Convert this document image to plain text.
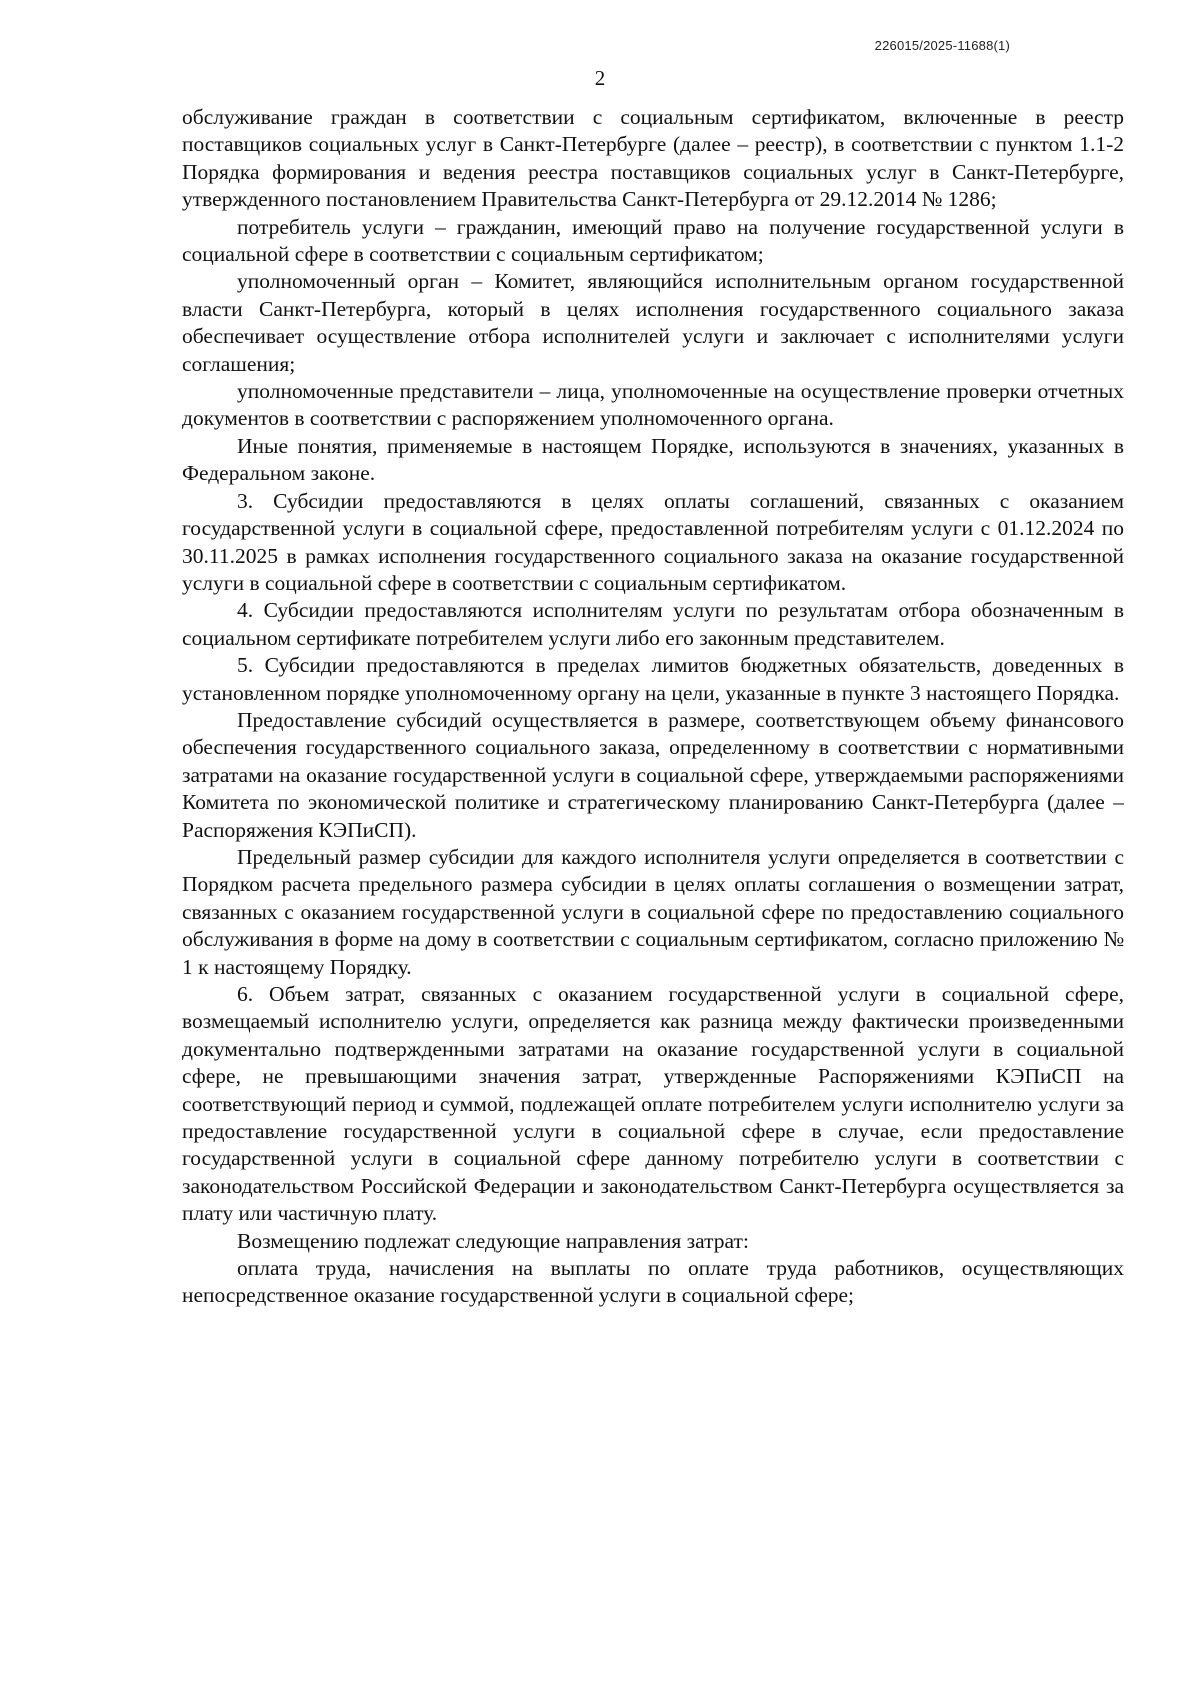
226015/2025-11688(1)
2

обслуживание граждан в соответствии с социальным сертификатом, включенные в реестр поставщиков социальных услуг в Санкт-Петербурге (далее – реестр), в соответствии с пунктом 1.1-2 Порядка формирования и ведения реестра поставщиков социальных услуг в Санкт-Петербурге, утвержденного постановлением Правительства Санкт-Петербурга от 29.12.2014 № 1286;

потребитель услуги – гражданин, имеющий право на получение государственной услуги в социальной сфере в соответствии с социальным сертификатом;

уполномоченный орган – Комитет, являющийся исполнительным органом государственной власти Санкт-Петербурга, который в целях исполнения государственного социального заказа обеспечивает осуществление отбора исполнителей услуги и заключает с исполнителями услуги соглашения;

уполномоченные представители – лица, уполномоченные на осуществление проверки отчетных документов в соответствии с распоряжением уполномоченного органа.

Иные понятия, применяемые в настоящем Порядке, используются в значениях, указанных в Федеральном законе.

3. Субсидии предоставляются в целях оплаты соглашений, связанных с оказанием государственной услуги в социальной сфере, предоставленной потребителям услуги с 01.12.2024 по 30.11.2025 в рамках исполнения государственного социального заказа на оказание государственной услуги в социальной сфере в соответствии с социальным сертификатом.

4. Субсидии предоставляются исполнителям услуги по результатам отбора обозначенным в социальном сертификате потребителем услуги либо его законным представителем.

5. Субсидии предоставляются в пределах лимитов бюджетных обязательств, доведенных в установленном порядке уполномоченному органу на цели, указанные в пункте 3 настоящего Порядка.

Предоставление субсидий осуществляется в размере, соответствующем объему финансового обеспечения государственного социального заказа, определенному в соответствии с нормативными затратами на оказание государственной услуги в социальной сфере, утверждаемыми распоряжениями Комитета по экономической политике и стратегическому планированию Санкт-Петербурга (далее – Распоряжения КЭПиСП).

Предельный размер субсидии для каждого исполнителя услуги определяется в соответствии с Порядком расчета предельного размера субсидии в целях оплаты соглашения о возмещении затрат, связанных с оказанием государственной услуги в социальной сфере по предоставлению социального обслуживания в форме на дому в соответствии с социальным сертификатом, согласно приложению № 1 к настоящему Порядку.

6. Объем затрат, связанных с оказанием государственной услуги в социальной сфере, возмещаемый исполнителю услуги, определяется как разница между фактически произведенными документально подтвержденными затратами на оказание государственной услуги в социальной сфере, не превышающими значения затрат, утвержденные Распоряжениями КЭПиСП на соответствующий период и суммой, подлежащей оплате потребителем услуги исполнителю услуги за предоставление государственной услуги в социальной сфере в случае, если предоставление государственной услуги в социальной сфере данному потребителю услуги в соответствии с законодательством Российской Федерации и законодательством Санкт-Петербурга осуществляется за плату или частичную плату.

Возмещению подлежат следующие направления затрат:

оплата труда, начисления на выплаты по оплате труда работников, осуществляющих непосредственное оказание государственной услуги в социальной сфере;
